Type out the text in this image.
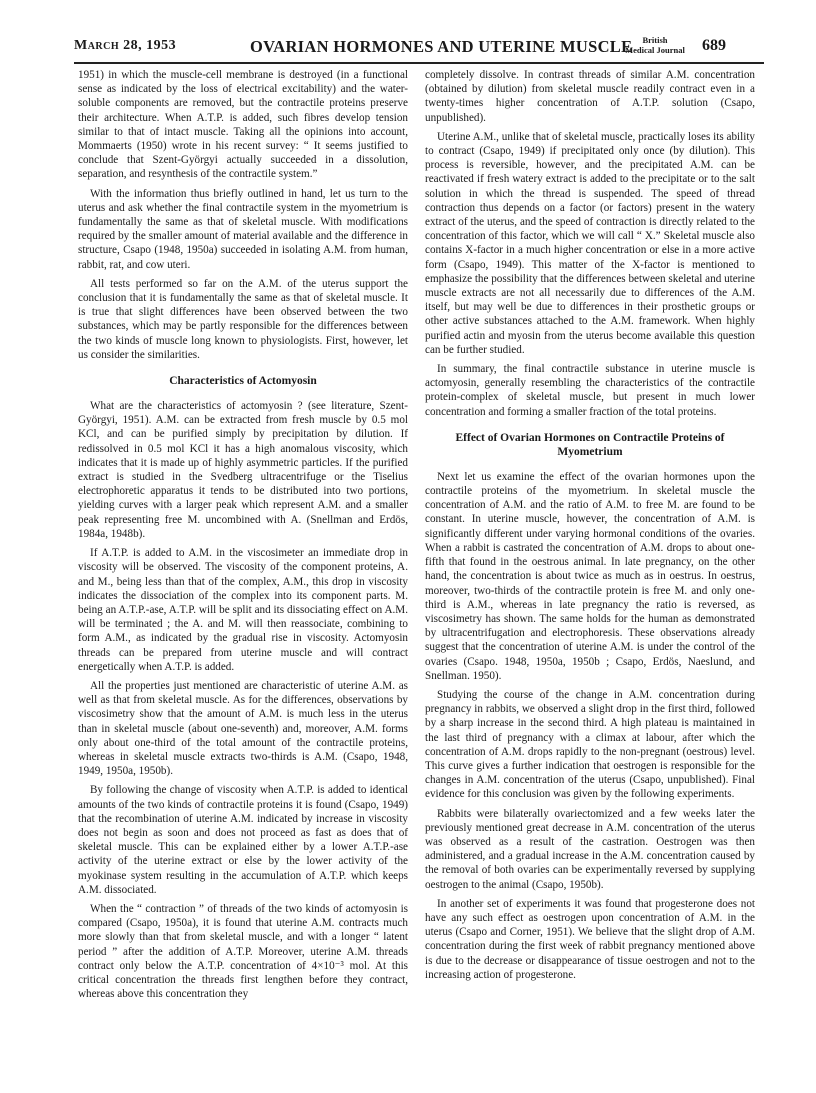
March 28, 1953	OVARIAN HORMONES AND UTERINE MUSCLE	British
Medical Journal 689

1951) in which the muscle-cell membrane is destroyed (in a functional sense as indicated by the loss of electrical excitability) and the water-soluble components are removed, but the contractile proteins preserve their architecture. When A.T.P. is added, such fibres develop tension similar to that of intact muscle. Taking all the opinions into account, Mommaerts (1950) wrote in his recent survey: “ It seems justified to conclude that Szent-Györgyi actually succeeded in a dissolution, separation, and resynthesis of the contractile system.”

With the information thus briefly outlined in hand, let us turn to the uterus and ask whether the final contractile system in the myometrium is fundamentally the same as that of skeletal muscle. With modifications required by the smaller amount of material available and the difference in structure, Csapo (1948, 1950a) succeeded in isolating A.M. from human, rabbit, rat, and cow uteri.

All tests performed so far on the A.M. of the uterus support the conclusion that it is fundamentally the same as that of skeletal muscle. It is true that slight differences have been observed between the two substances, which may be partly responsible for the differences between the two kinds of muscle long known to physiologists. First, however, let us consider the similarities.

Characteristics of Actomyosin

What are the characteristics of actomyosin ? (see literature, Szent-Györgyi, 1951). A.M. can be extracted from fresh muscle by 0.5 mol KCl, and can be purified simply by precipitation by dilution. If redissolved in 0.5 mol KCl it has a high anomalous viscosity, which indicates that it is made up of highly asymmetric particles. If the purified extract is studied in the Svedberg ultracentrifuge or the Tiselius electrophoretic apparatus it tends to be distributed into two portions, yielding curves with a larger peak which represent A.M. and a smaller peak representing free M. uncombined with A. (Snellman and Erdös, 1984a, 1948b).

If A.T.P. is added to A.M. in the viscosimeter an immediate drop in viscosity will be observed. The viscosity of the component proteins, A. and M., being less than that of the complex, A.M., this drop in viscosity indicates the dissociation of the complex into its component parts. M. being an A.T.P.-ase, A.T.P. will be split and its dissociating effect on A.M. will be terminated ; the A. and M. will then reassociate, combining to form A.M., as indicated by the gradual rise in viscosity. Actomyosin threads can be prepared from uterine muscle and will contract energetically when A.T.P. is added.

All the properties just mentioned are characteristic of uterine A.M. as well as that from skeletal muscle. As for the differences, observations by viscosimetry show that the amount of A.M. is much less in the uterus than in skeletal muscle (about one-seventh) and, moreover, A.M. forms only about one-third of the total amount of the contractile proteins, whereas in skeletal muscle extracts two-thirds is A.M. (Csapo, 1948, 1949, 1950a, 1950b).

By following the change of viscosity when A.T.P. is added to identical amounts of the two kinds of contractile proteins it is found (Csapo, 1949) that the recombination of uterine A.M. indicated by increase in viscosity does not begin as soon and does not proceed as fast as does that of skeletal muscle. This can be explained either by a lower A.T.P.-ase activity of the uterine extract or else by the lower activity of the myokinase system resulting in the accumulation of A.T.P. which keeps A.M. dissociated.

When the “ contraction ” of threads of the two kinds of actomyosin is compared (Csapo, 1950a), it is found that uterine A.M. contracts much more slowly than that from skeletal muscle, and with a longer “ latent period ” after the addition of A.T.P. Moreover, uterine A.M. threads contract only below the A.T.P. concentration of 4×10⁻³ mol. At this critical concentration the threads first lengthen before they contract, whereas above this concentration they

completely dissolve. In contrast threads of similar A.M. concentration (obtained by dilution) from skeletal muscle readily contract even in a twenty-times higher concentration of A.T.P. solution (Csapo, unpublished).

Uterine A.M., unlike that of skeletal muscle, practically loses its ability to contract (Csapo, 1949) if precipitated only once (by dilution). This process is reversible, however, and the precipitated A.M. can be reactivated if fresh watery extract is added to the precipitate or to the salt solution in which the thread is suspended. The speed of thread contraction thus depends on a factor (or factors) present in the watery extract of the uterus, and the speed of contraction is directly related to the concentration of this factor, which we will call “ X.” Skeletal muscle also contains X-factor in a much higher concentration or else in a more active form (Csapo, 1949). This matter of the X-factor is mentioned to emphasize the possibility that the differences between skeletal and uterine muscle extracts are not all necessarily due to differences of the A.M. itself, but may well be due to differences in their prosthetic groups or other active substances attached to the A.M. framework. When highly purified actin and myosin from the uterus become available this question can be further studied.

In summary, the final contractile substance in uterine muscle is actomyosin, generally resembling the characteristics of the contractile protein-complex of skeletal muscle, but present in much lower concentration and forming a smaller fraction of the total proteins.

Effect of Ovarian Hormones on Contractile Proteins of Myometrium

Next let us examine the effect of the ovarian hormones upon the contractile proteins of the myometrium. In skeletal muscle the concentration of A.M. and the ratio of A.M. to free M. are found to be constant. In uterine muscle, however, the concentration of A.M. is significantly different under varying hormonal conditions of the ovaries. When a rabbit is castrated the concentration of A.M. drops to about one-fifth that found in the oestrous animal. In late pregnancy, on the other hand, the concentration is about twice as much as in oestrus. In oestrus, moreover, two-thirds of the contractile protein is free M. and only one-third is A.M., whereas in late pregnancy the ratio is reversed, as viscosimetry has shown. The same holds for the human as demonstrated by ultracentrifugation and electrophoresis. These observations already suggest that the concentration of uterine A.M. is under the control of the ovaries (Csapo. 1948, 1950a, 1950b ; Csapo, Erdös, Naeslund, and Snellman. 1950).

Studying the course of the change in A.M. concentration during pregnancy in rabbits, we observed a slight drop in the first third, followed by a sharp increase in the second third. A high plateau is maintained in the last third of pregnancy with a climax at labour, after which the concentration of A.M. drops rapidly to the non-pregnant (oestrous) level. This curve gives a further indication that oestrogen is responsible for the changes in A.M. concentration of the uterus (Csapo, unpublished). Final evidence for this conclusion was given by the following experiments.

Rabbits were bilaterally ovariectomized and a few weeks later the previously mentioned great decrease in A.M. concentration of the uterus was observed as a result of the castration. Oestrogen was then administered, and a gradual increase in the A.M. concentration caused by the removal of both ovaries can be experimentally reversed by supplying oestrogen to the animal (Csapo, 1950b).

In another set of experiments it was found that progesterone does not have any such effect as oestrogen upon concentration of A.M. in the uterus (Csapo and Corner, 1951). We believe that the slight drop of A.M. concentration during the first week of rabbit pregnancy mentioned above is due to the decrease or disappearance of tissue oestrogen and not to the increasing action of progesterone.
